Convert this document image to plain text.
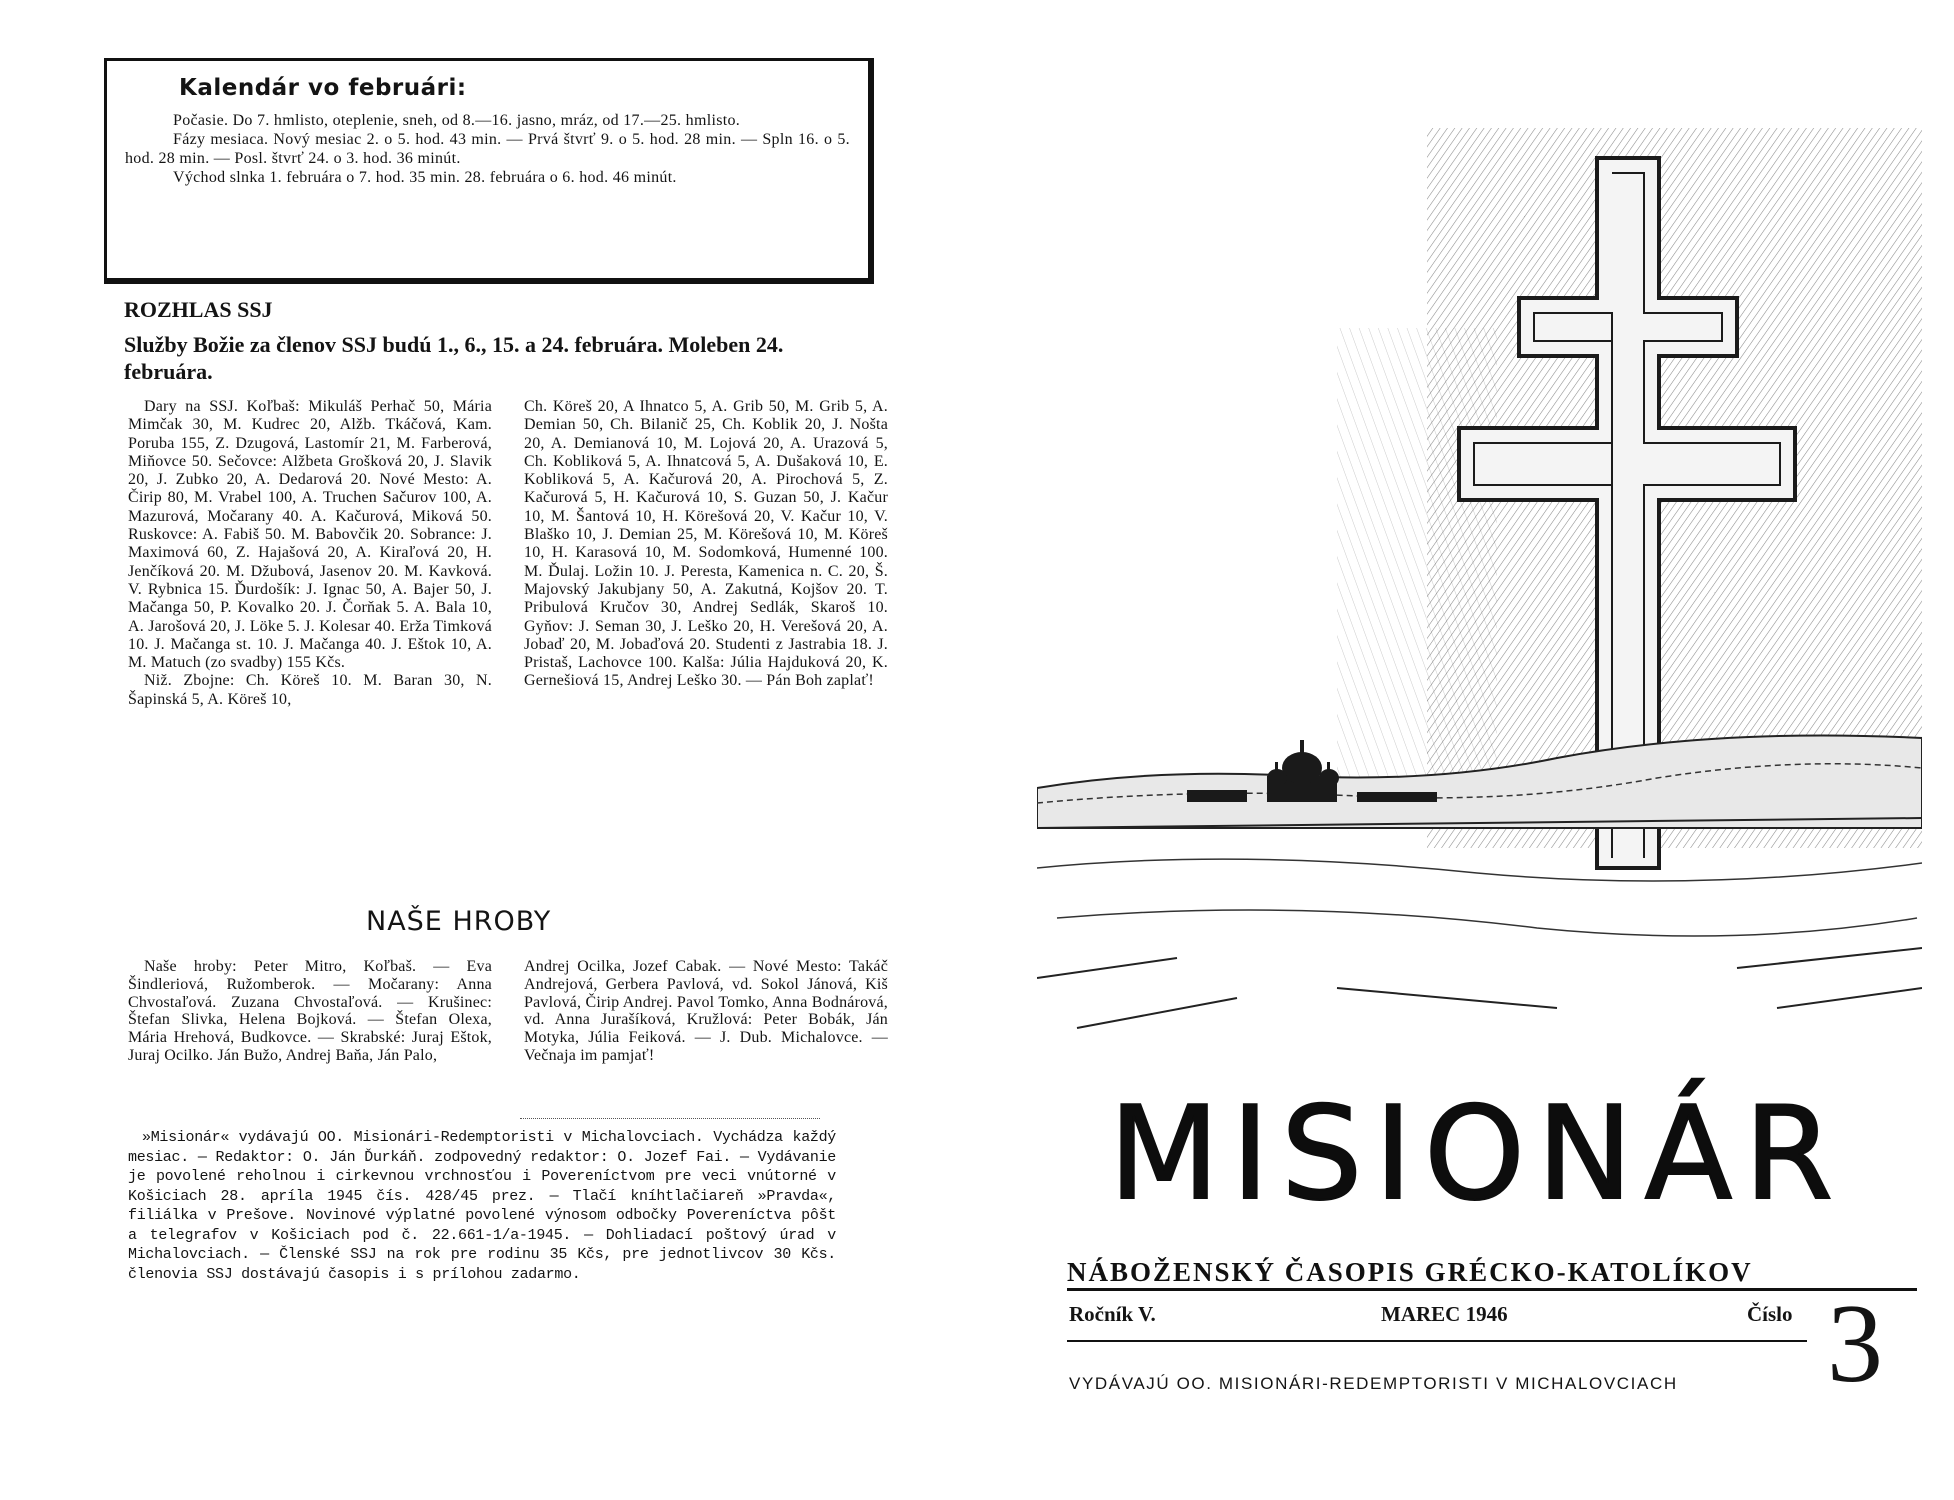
Kalendár vo februári:

Počasie. Do 7. hmlisto, oteplenie, sneh, od 8.—16. jasno, mráz, od 17.—25. hmlisto.

Fázy mesiaca. Nový mesiac 2. o 5. hod. 43 min. — Prvá štvrť 9. o 5. hod. 28 min. — Spln 16. o 5. hod. 28 min. — Posl. štvrť 24. o 3. hod. 36 minút.

Východ slnka 1. februára o 7. hod. 35 min. 28. februára o 6. hod. 46 minút.

ROZHLAS SSJ
Služby Božie za členov SSJ budú 1., 6., 15. a 24. februára. Moleben 24. februára.

Dary na SSJ. Koľbaš: Mikuláš Perhač 50, Mária Mimčak 30, M. Kudrec 20, Alžb. Tkáčová, Kam. Poruba 155, Z. Dzugová, Lastomír 21, M. Farberová, Miňovce 50. Sečovce: Alžbeta Grošková 20, J. Slavik 20, J. Zubko 20, A. Dedarová 20. Nové Mesto: A. Čirip 80, M. Vrabel 100, A. Truchen Sačurov 100, A. Mazurová, Močarany 40. A. Kačurová, Miková 50. Ruskovce: A. Fabiš 50. M. Babovčik 20. Sobrance: J. Maximová 60, Z. Hajašová 20, A. Kiraľová 20, H. Jenčíková 20. M. Džubová, Jasenov 20. M. Kavková. V. Rybnica 15. Ďurdošík: J. Ignac 50, A. Bajer 50, J. Mačanga 50, P. Kovalko 20. J. Čorňak 5. A. Bala 10, A. Jarošová 20, J. Löke 5. J. Kolesar 40. Erža Timková 10. J. Mačanga st. 10. J. Mačanga 40. J. Eštok 10, A. M. Matuch (zo svadby) 155 Kčs.

Niž. Zbojne: Ch. Köreš 10. M. Baran 30, N. Šapinská 5, A. Köreš 10,

Ch. Köreš 20, A Ihnatco 5, A. Grib 50, M. Grib 5, A. Demian 50, Ch. Bilanič 25, Ch. Koblik 20, J. Nošta 20, A. Demianová 10, M. Lojová 20, A. Urazová 5, Ch. Kobliková 5, A. Ihnatcová 5, A. Dušaková 10, E. Kobliková 5, A. Kačurová 20, A. Pirochová 5, Z. Kačurová 5, H. Kačurová 10, S. Guzan 50, J. Kačur 10, M. Šantová 10, H. Körešová 20, V. Kačur 10, V. Blaško 10, J. Demian 25, M. Körešová 10, M. Köreš 10, H. Karasová 10, M. Sodomková, Humenné 100. M. Ďulaj. Ložin 10. J. Peresta, Kamenica n. C. 20, Š. Majovský Jakubjany 50, A. Zakutná, Kojšov 20. T. Pribulová Kručov 30, Andrej Sedlák, Skaroš 10. Gyňov: J. Seman 30, J. Leško 20, H. Verešová 20, A. Jobaď 20, M. Jobaďová 20. Studenti z Jastrabia 18. J. Pristaš, Lachovce 100. Kalša: Júlia Hajduková 20, K. Gernešiová 15, Andrej Leško 30. — Pán Boh zaplať!

NAŠE HROBY

Naše hroby: Peter Mitro, Koľbaš. — Eva Šindleriová, Ružomberok. — Močarany: Anna Chvostaľová. Zuzana Chvostaľová. — Krušinec: Štefan Slivka, Helena Bojková. — Štefan Olexa, Mária Hrehová, Budkovce. — Skrabské: Juraj Eštok, Juraj Ocilko. Ján Bužo, Andrej Baňa, Ján Palo,

Andrej Ocilka, Jozef Cabak. — Nové Mesto: Takáč Andrejová, Gerbera Pavlová, vd. Sokol Jánová, Kiš Pavlová, Čirip Andrej. Pavol Tomko, Anna Bodnárová, vd. Anna Jurašíková, Kružlová: Peter Bobák, Ján Motyka, Júlia Feiková. — J. Dub. Michalovce. — Večnaja im pamjať!

»Misionár« vydávajú OO. Misionári-Redemptoristi v Michalovciach. Vychádza každý mesiac. — Redaktor: O. Ján Ďurkáň. zodpovedný redaktor: O. Jozef Fai. — Vydávanie je povolené reholnou i cirkevnou vrchnosťou i Povereníctvom pre veci vnútorné v Košiciach 28. apríla 1945 čís. 428/45 prez. — Tlačí kníhtlačiareň »Pravda«, filiálka v Prešove. Novinové výplatné povolené výnosom odbočky Povereníctva pôšt a telegrafov v Košiciach pod č. 22.661-1/a-1945. — Dohliadací poštový úrad v Michalovciach. — Členské SSJ na rok pre rodinu 35 Kčs, pre jednotlivcov 30 Kčs. členovia SSJ dostávajú časopis i s prílohou zadarmo.

MISIONÁR
NÁBOŽENSKÝ ČASOPIS GRÉCKO-KATOLÍKOV
Ročník V.	MAREC 1946	Číslo 3
VYDÁVAJÚ OO. MISIONÁRI-REDEMPTORISTI V MICHALOVCIACH
